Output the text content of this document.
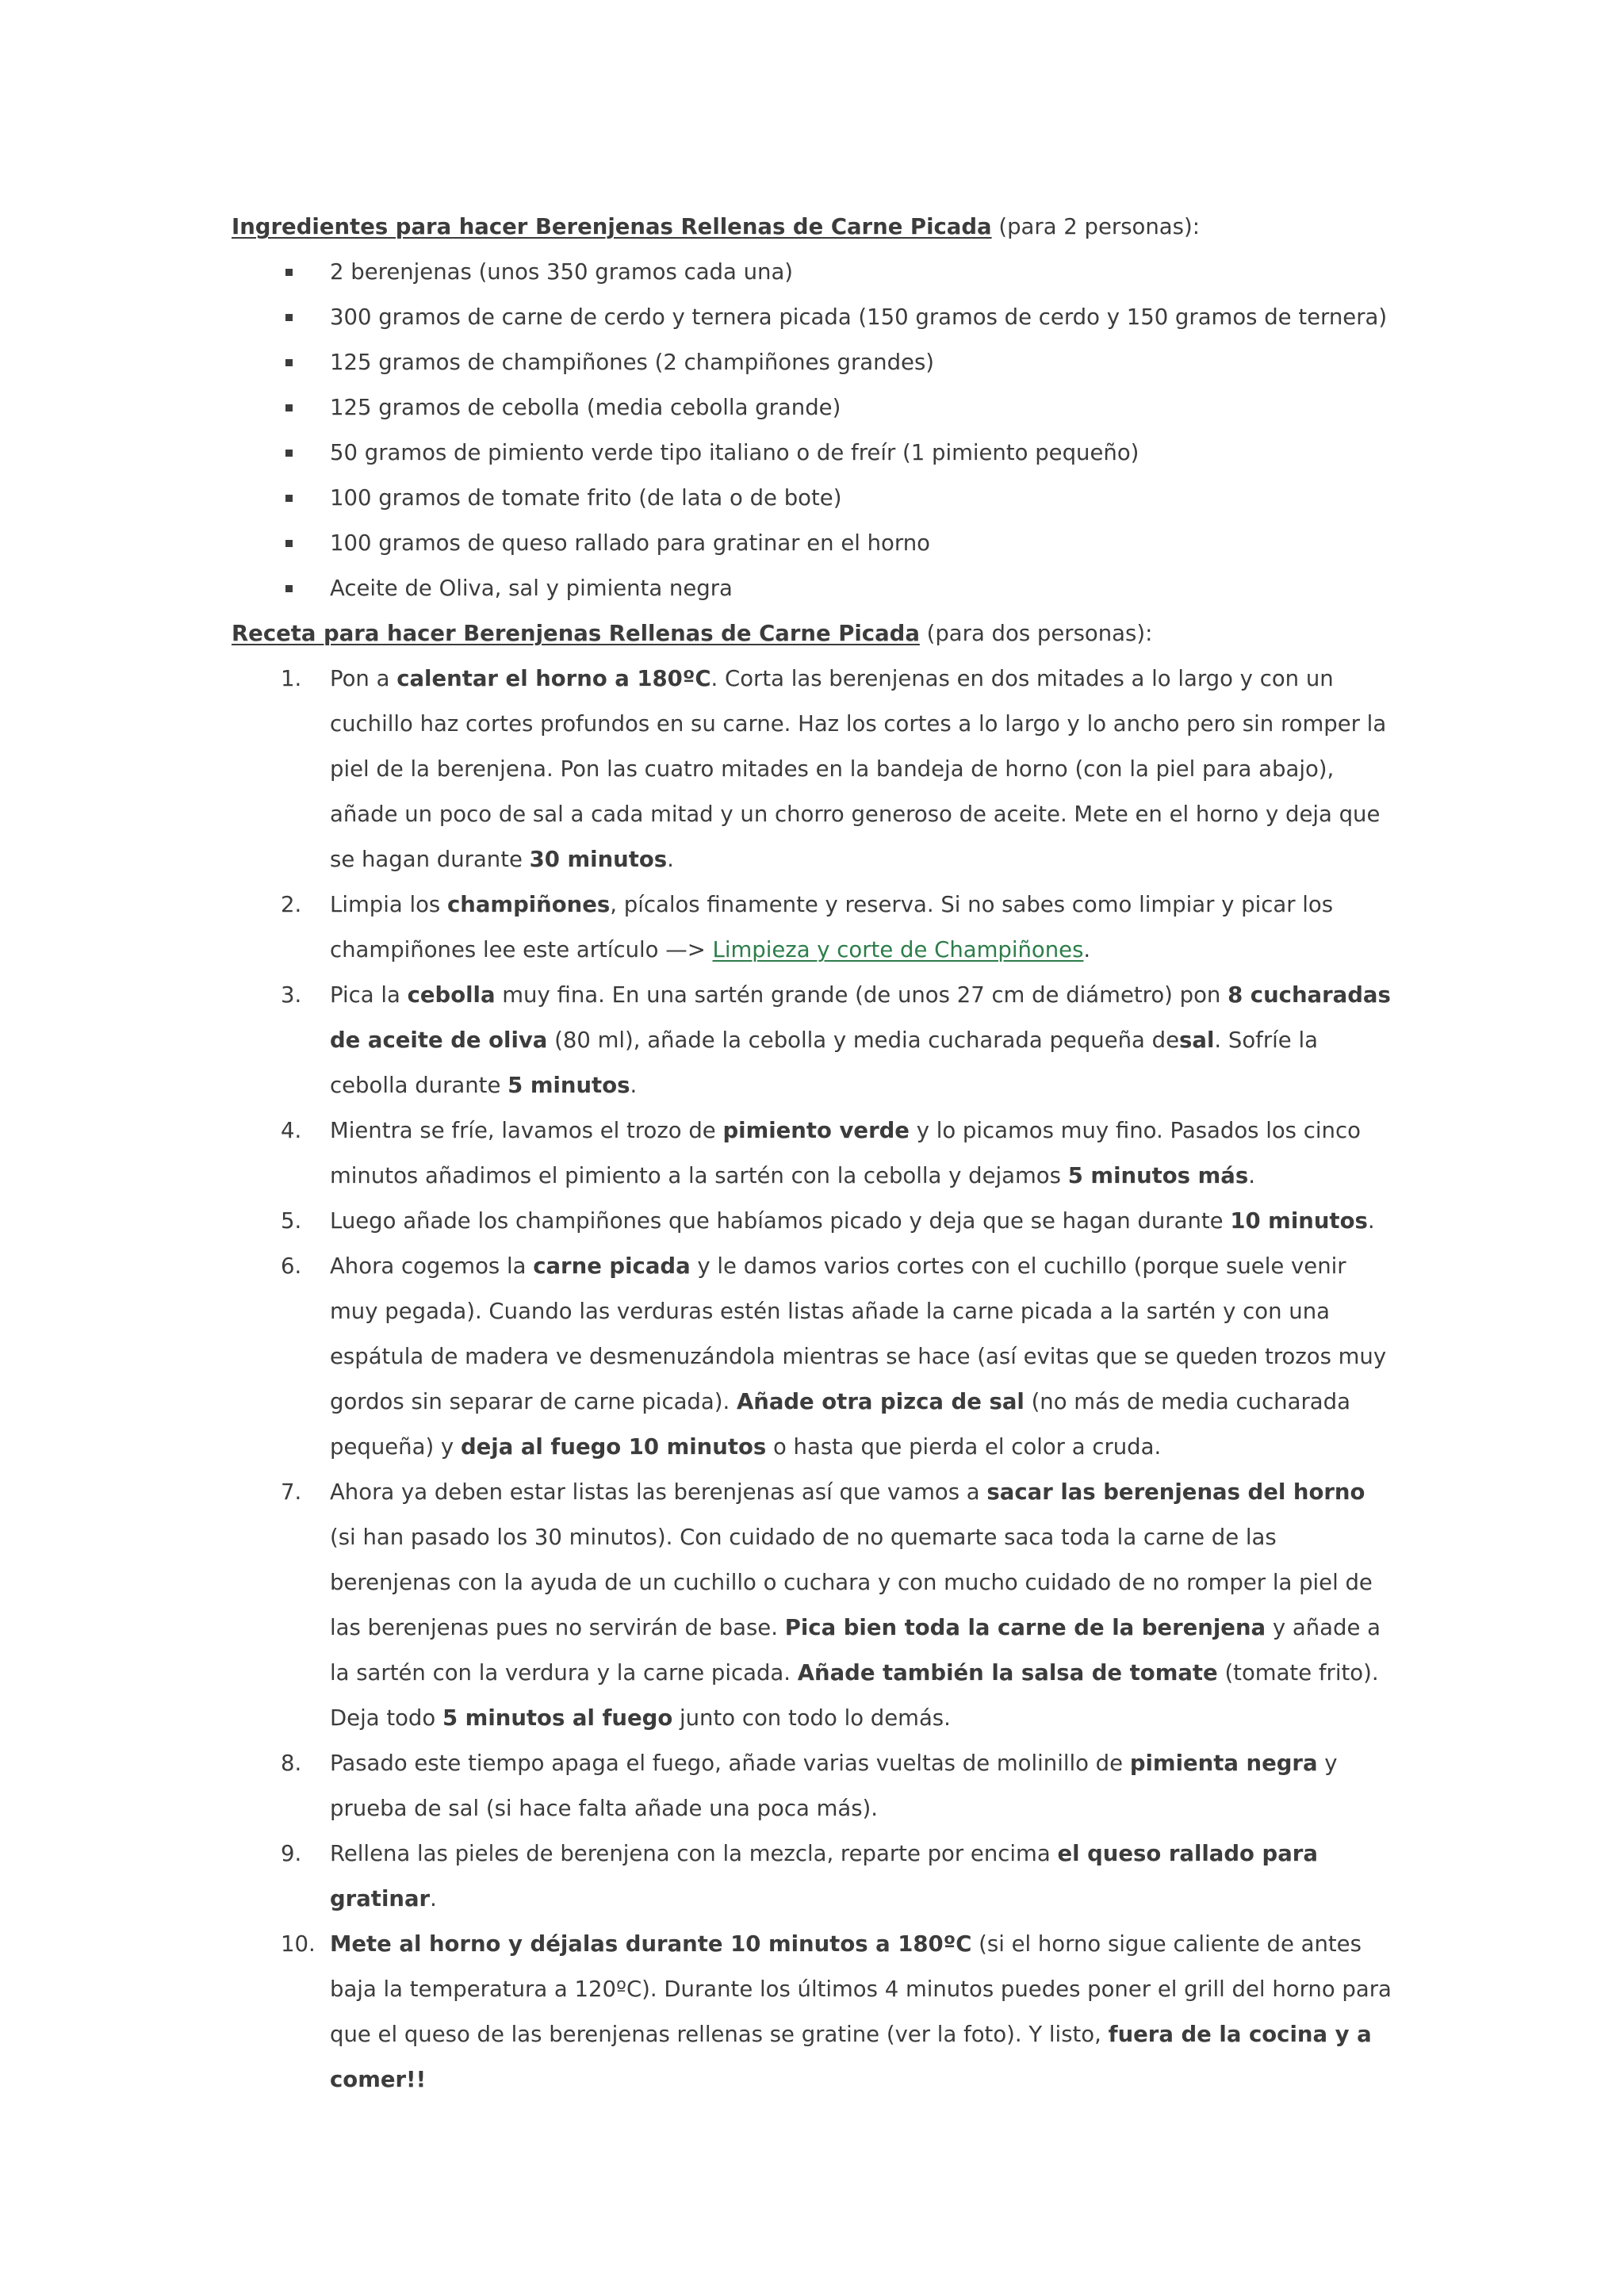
Ingredientes para hacer Berenjenas Rellenas de Carne Picada (para 2 personas):

2 berenjenas (unos 350 gramos cada una)
300 gramos de carne de cerdo y ternera picada (150 gramos de cerdo y 150 gramos de ternera)
125 gramos de champiñones (2 champiñones grandes)
125 gramos de cebolla (media cebolla grande)
50 gramos de pimiento verde tipo italiano o de freír (1 pimiento pequeño)
100 gramos de tomate frito (de lata o de bote)
100 gramos de queso rallado para gratinar en el horno
Aceite de Oliva, sal y pimienta negra

Receta para hacer Berenjenas Rellenas de Carne Picada (para dos personas):

1. Pon a calentar el horno a 180ºC. Corta las berenjenas en dos mitades a lo largo y con un cuchillo haz cortes profundos en su carne. Haz los cortes a lo largo y lo ancho pero sin romper la piel de la berenjena. Pon las cuatro mitades en la bandeja de horno (con la piel para abajo), añade un poco de sal a cada mitad y un chorro generoso de aceite. Mete en el horno y deja que se hagan durante 30 minutos.
2. Limpia los champiñones, pícalos finamente y reserva. Si no sabes como limpiar y picar los champiñones lee este artículo —> Limpieza y corte de Champiñones.
3. Pica la cebolla muy fina. En una sartén grande (de unos 27 cm de diámetro) pon 8 cucharadas de aceite de oliva (80 ml), añade la cebolla y media cucharada pequeña desal. Sofríe la cebolla durante 5 minutos.
4. Mientra se fríe, lavamos el trozo de pimiento verde y lo picamos muy fino. Pasados los cinco minutos añadimos el pimiento a la sartén con la cebolla y dejamos 5 minutos más.
5. Luego añade los champiñones que habíamos picado y deja que se hagan durante 10 minutos.
6. Ahora cogemos la carne picada y le damos varios cortes con el cuchillo (porque suele venir muy pegada). Cuando las verduras estén listas añade la carne picada a la sartén y con una espátula de madera ve desmenuzándola mientras se hace (así evitas que se queden trozos muy gordos sin separar de carne picada). Añade otra pizca de sal (no más de media cucharada pequeña) y deja al fuego 10 minutos o hasta que pierda el color a cruda.
7. Ahora ya deben estar listas las berenjenas así que vamos a sacar las berenjenas del horno (si han pasado los 30 minutos). Con cuidado de no quemarte saca toda la carne de las berenjenas con la ayuda de un cuchillo o cuchara y con mucho cuidado de no romper la piel de las berenjenas pues no servirán de base. Pica bien toda la carne de la berenjena y añade a la sartén con la verdura y la carne picada. Añade también la salsa de tomate (tomate frito). Deja todo 5 minutos al fuego junto con todo lo demás.
8. Pasado este tiempo apaga el fuego, añade varias vueltas de molinillo de pimienta negra y prueba de sal (si hace falta añade una poca más).
9. Rellena las pieles de berenjena con la mezcla, reparte por encima el queso rallado para gratinar.
10. Mete al horno y déjalas durante 10 minutos a 180ºC (si el horno sigue caliente de antes baja la temperatura a 120ºC). Durante los últimos 4 minutos puedes poner el grill del horno para que el queso de las berenjenas rellenas se gratine (ver la foto). Y listo, fuera de la cocina y a comer!!
